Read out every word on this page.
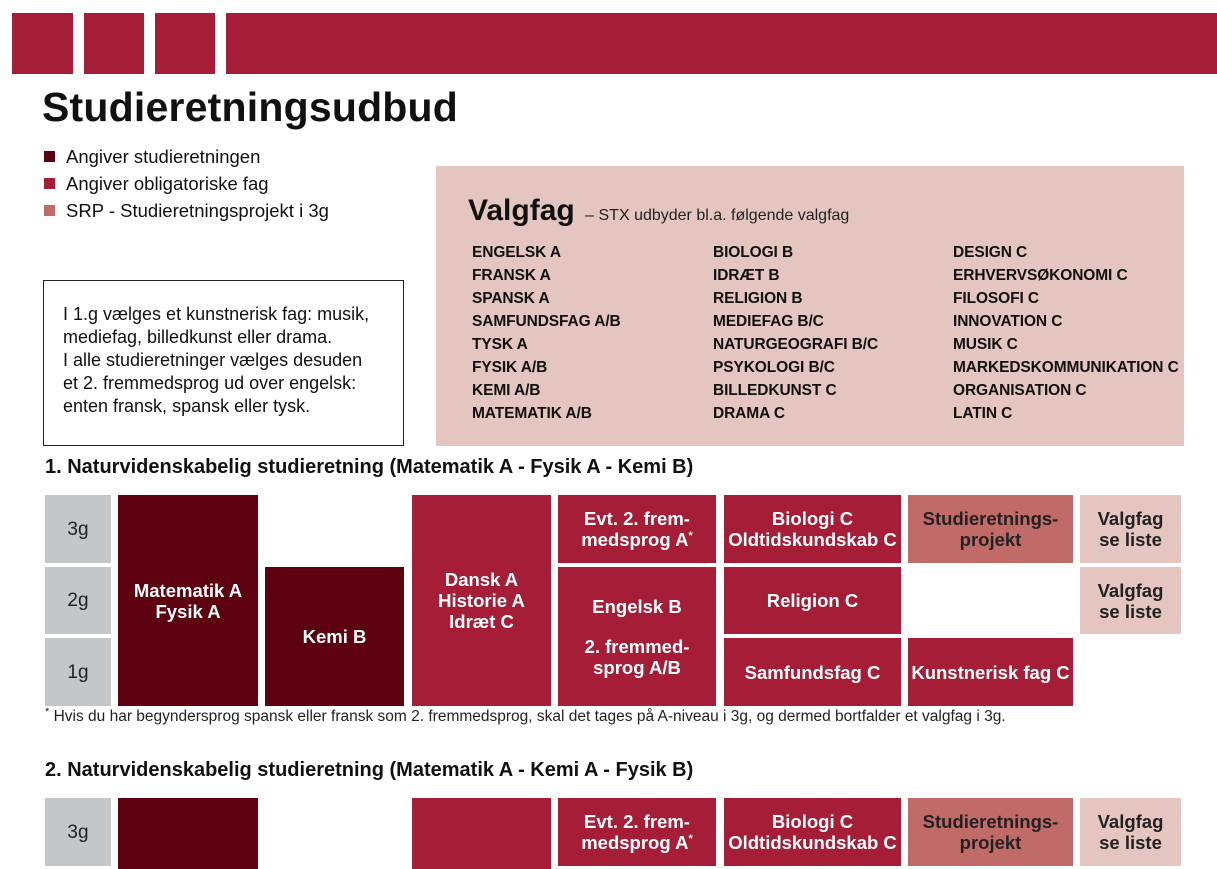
Studieretningsudbud
Angiver studieretningen
Angiver obligatoriske fag
SRP - Studieretningsprojekt i 3g
I 1.g vælges et kunstnerisk fag: musik,
mediefag, billedkunst eller drama.
I alle studieretninger vælges desuden
et 2. fremmedsprog ud over engelsk:
enten fransk, spansk eller tysk.
Valgfag – STX udbyder bl.a. følgende valgfag
ENGELSK A
FRANSK A
SPANSK A
SAMFUNDSFAG A/B
TYSK A
FYSIK A/B
KEMI A/B
MATEMATIK A/B
BIOLOGI B
IDRÆT B
RELIGION B
MEDIEFAG B/C
NATURGEOGRAFI B/C
PSYKOLOGI B/C
BILLEDKUNST C
DRAMA C
DESIGN C
ERHVERVSØKONOMI C
FILOSOFI C
INNOVATION C
MUSIK C
MARKEDSKOMMUNIKATION C
ORGANISATION C
LATIN C
1. Naturvidenskabelig studieretning (Matematik A - Fysik A - Kemi B)
3g
2g
1g
Matematik A
Fysik A
Kemi B
Dansk A
Historie A
Idræt C
Evt. 2. frem-
medsprog A*
Engelsk B
2. fremmed-
sprog A/B
Biologi C
Oldtidskundskab C
Religion C
Samfundsfag C
Studieretnings-
projekt
Kunstnerisk fag C
Valgfag
se liste
Valgfag
se liste
* Hvis du har begyndersprog spansk eller fransk som 2. fremmedsprog, skal det tages på A-niveau i 3g, og dermed bortfalder et valgfag i 3g.
2. Naturvidenskabelig studieretning (Matematik A - Kemi A - Fysik B)
3g	Evt. 2. frem-
medsprog A*
Biologi C
Oldtidskundskab C
Studieretnings-
projekt
Valgfag
se liste
